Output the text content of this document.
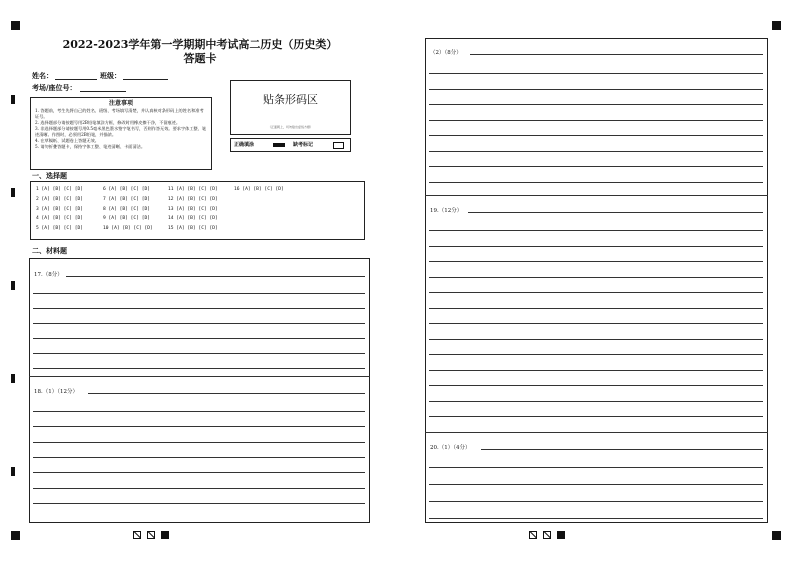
2022-2023学年第一学期期中考试高二历史（历史类）
答题卡
姓名：	班级：
考场/座位号：
注意事项
1. 答题前，考生先将自己的姓名、班级、考场填写清楚，并认真核对条形码上的姓名和准考证号。
2. 选择题部分请按题号用2B铅笔填涂方框，修改时用橡皮擦干净，不留痕迹。
3. 非选择题部分请按题号用0.5毫米黑色墨水签字笔书写，否则作答无效。要求字体工整、笔迹清晰。作图时，必须用2B铅笔，并描浓。
4. 在草稿纸、试题卷上答题无效。
5. 请勿折叠答题卡，保持字体工整、笔迹清晰、卡面清洁。
贴条形码区
（正面朝上，切勿贴出虚线方框）
正确填涂	缺考标记
一、选择题
1 [A] [B] [C] [D]	6 [A] [B] [C] [D]	11 [A] [B] [C] [D]	16 [A] [B] [C] [D]
2 [A] [B] [C] [D]	7 [A] [B] [C] [D]	12 [A] [B] [C] [D]
3 [A] [B] [C] [D]	8 [A] [B] [C] [D]	13 [A] [B] [C] [D]
4 [A] [B] [C] [D]	9 [A] [B] [C] [D]	14 [A] [B] [C] [D]
5 [A] [B] [C] [D]	10 [A] [B] [C] [D]	15 [A] [B] [C] [D]
二、材料题
17.（8分）
18.（1）（12分）
（2）（8分）
19.（12分）
20.（1）（4分）
